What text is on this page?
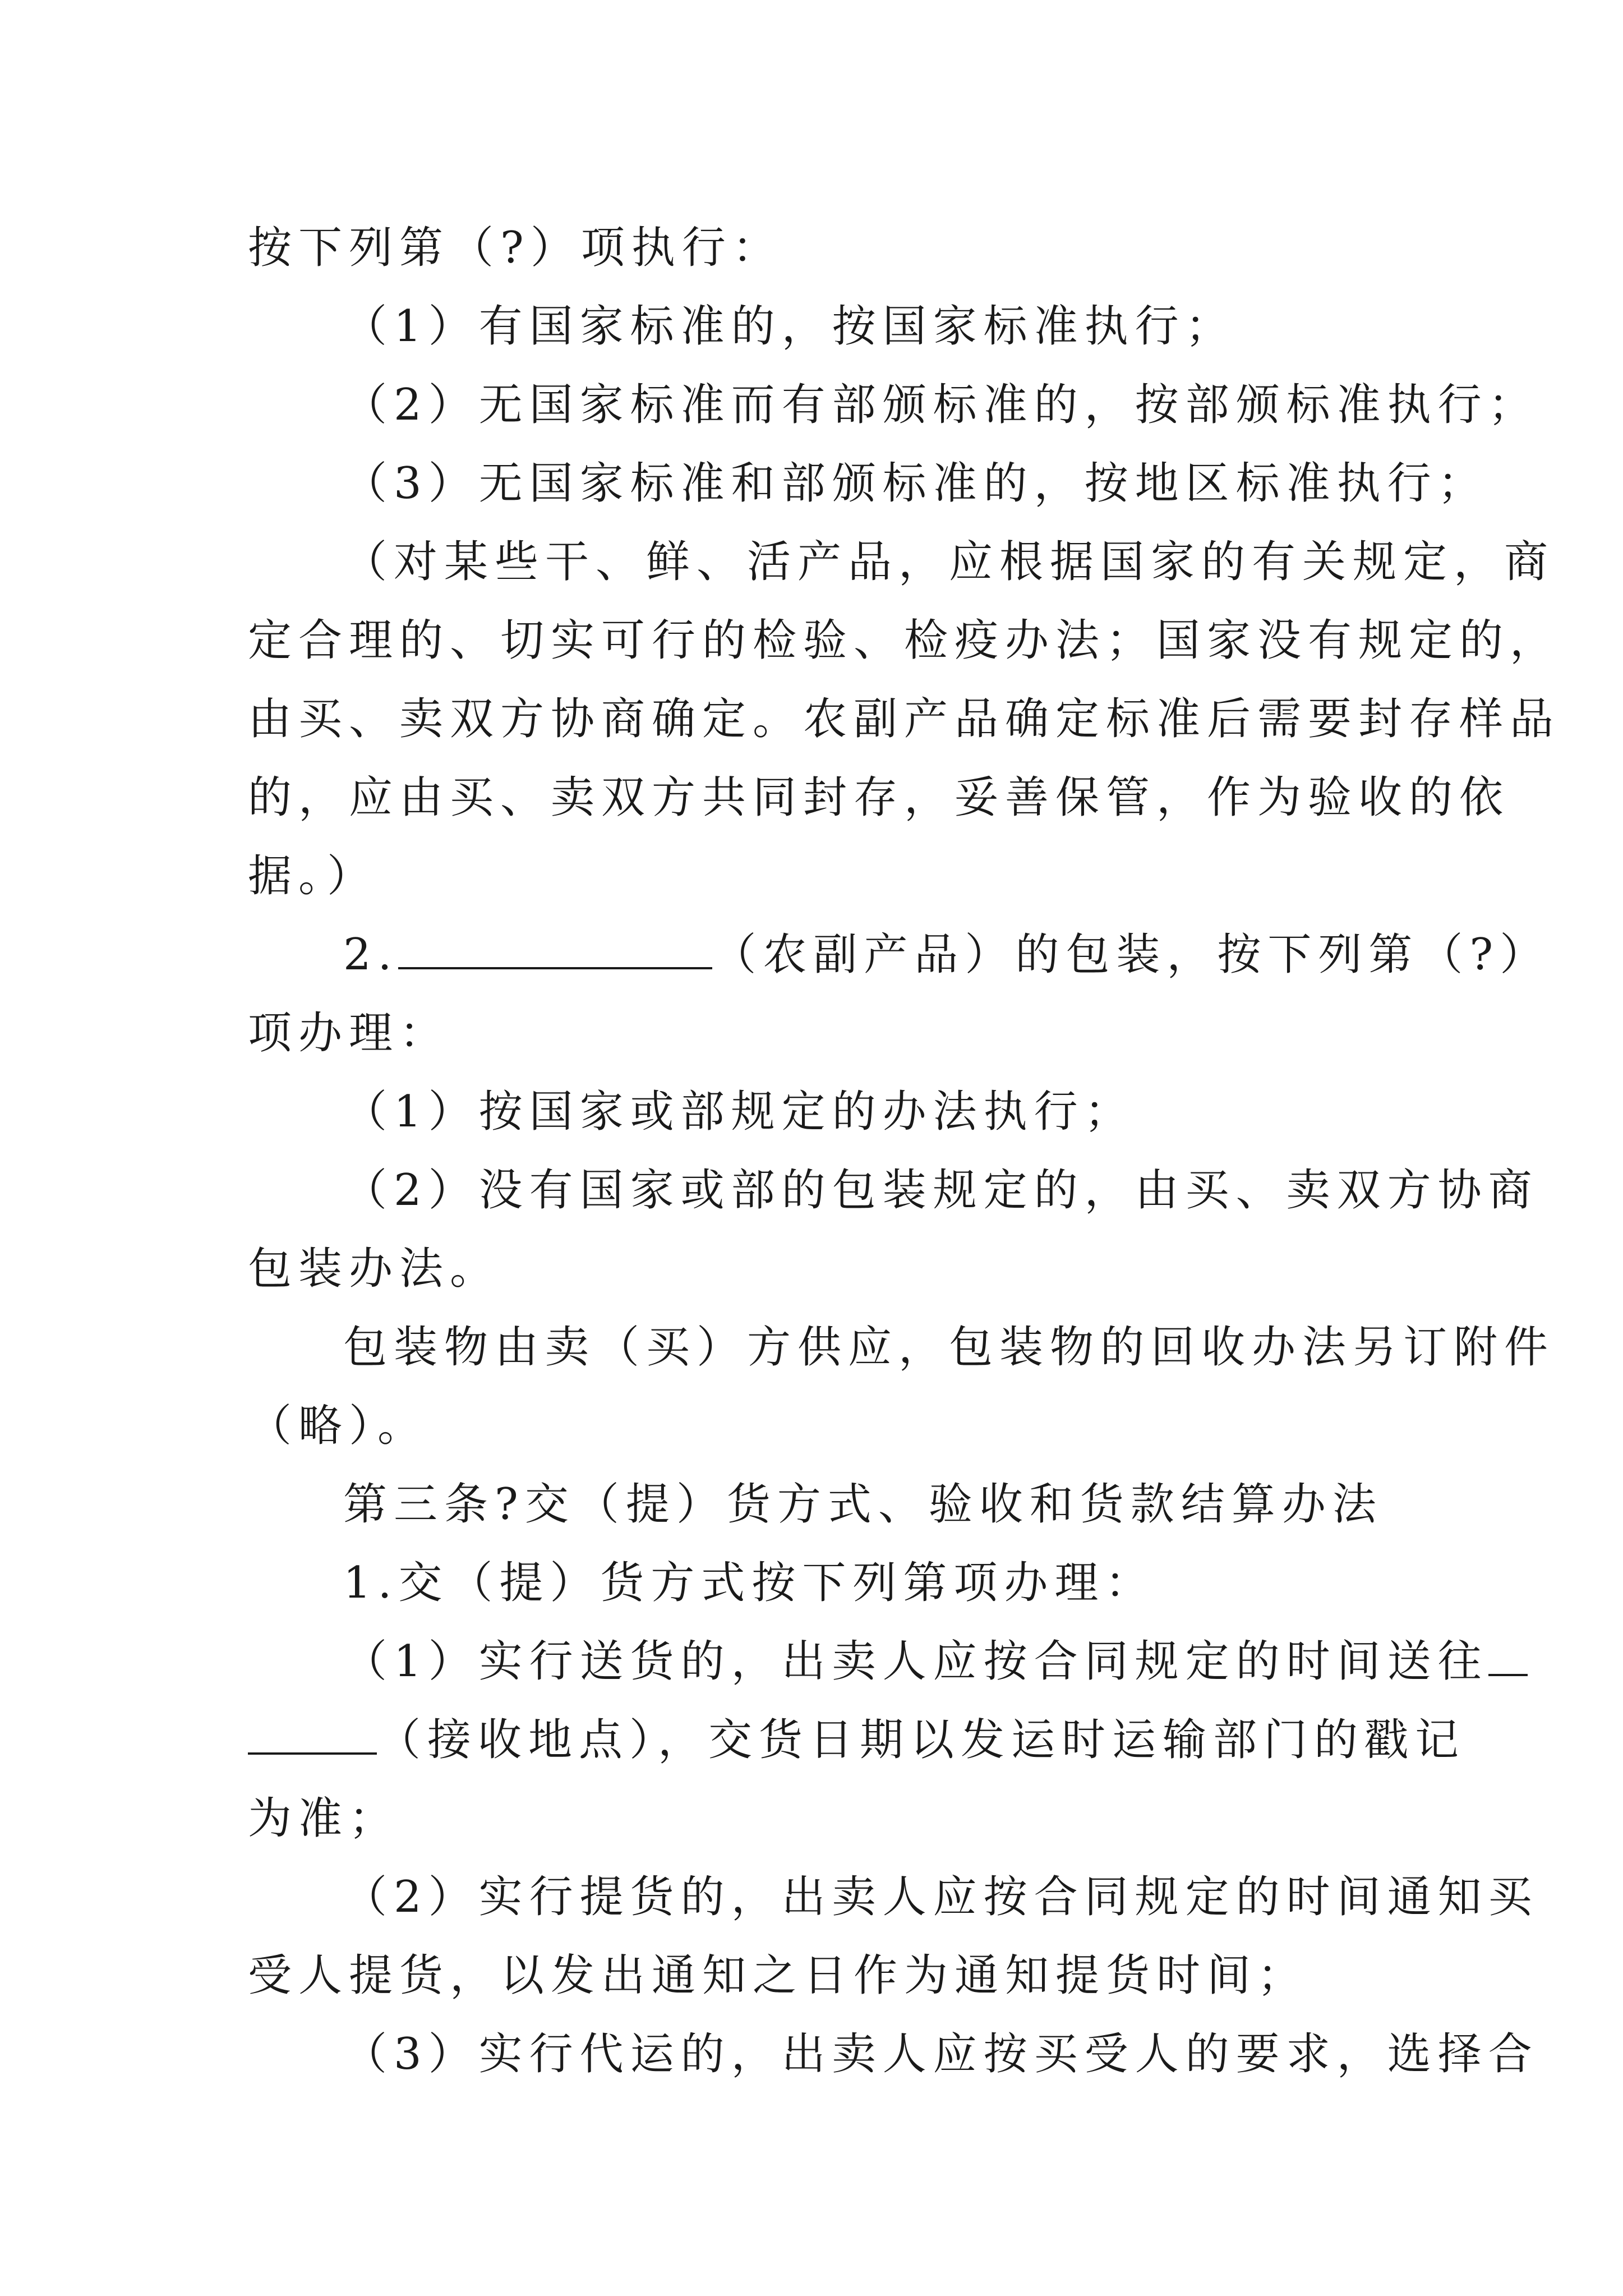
按下列第（?）项执行：
（1）有国家标准的，按国家标准执行；
（2）无国家标准而有部颁标准的，按部颁标准执行；
（3）无国家标准和部颁标准的，按地区标准执行；
（对某些干、鲜、活产品，应根据国家的有关规定，商
定合理的、切实可行的检验、检疫办法；国家没有规定的，
由买、卖双方协商确定。农副产品确定标准后需要封存样品
的，应由买、卖双方共同封存，妥善保管，作为验收的依
据。）
2.	（农副产品）的包装，按下列第（?）
项办理：
（1）按国家或部规定的办法执行；
（2）没有国家或部的包装规定的，由买、卖双方协商
包装办法。
包装物由卖（买）方供应，包装物的回收办法另订附件
（略）。
第三条?交（提）货方式、验收和货款结算办法
1.交（提）货方式按下列第项办理：
（1）实行送货的，出卖人应按合同规定的时间送往
（接收地点），交货日期以发运时运输部门的戳记
为准；
（2）实行提货的，出卖人应按合同规定的时间通知买
受人提货，以发出通知之日作为通知提货时间；
（3）实行代运的，出卖人应按买受人的要求，选择合
